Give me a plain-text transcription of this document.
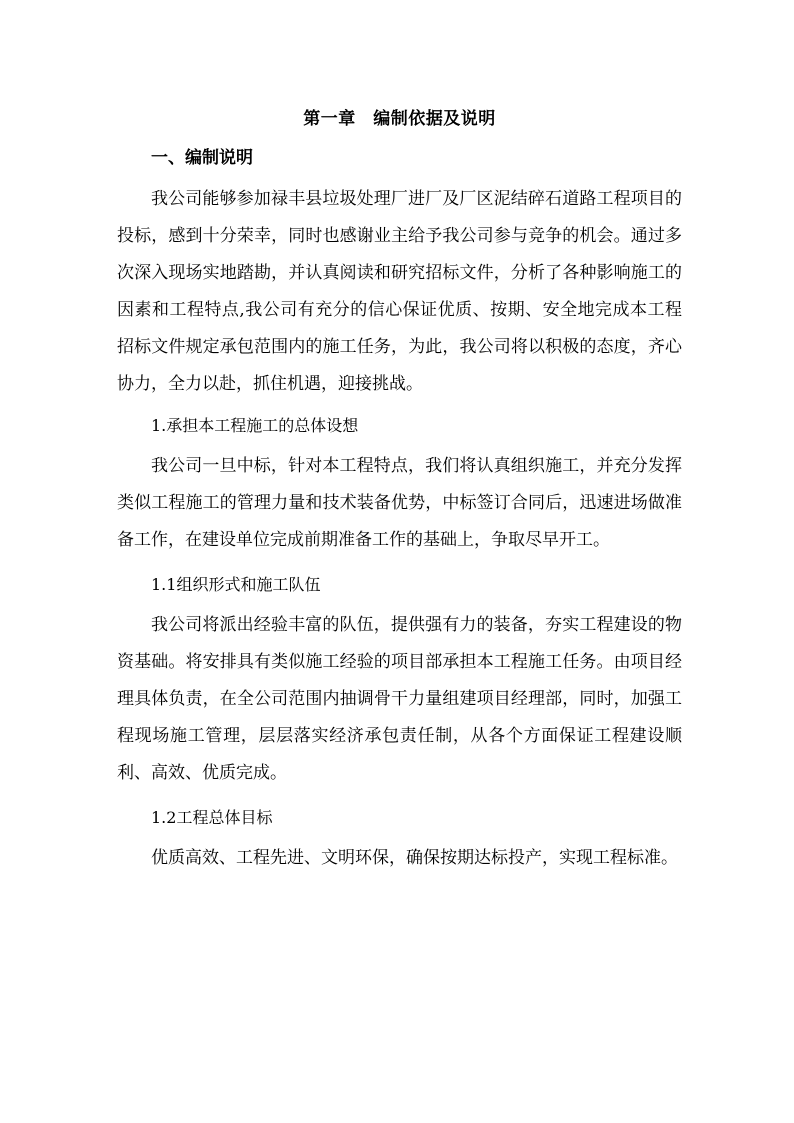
第一章　编制依据及说明
一、编制说明

我公司能够参加禄丰县垃圾处理厂进厂及厂区泥结碎石道路工程项目的投标，感到十分荣幸，同时也感谢业主给予我公司参与竞争的机会。通过多次深入现场实地踏勘，并认真阅读和研究招标文件，分析了各种影响施工的因素和工程特点,我公司有充分的信心保证优质、按期、安全地完成本工程招标文件规定承包范围内的施工任务，为此，我公司将以积极的态度，齐心协力，全力以赴，抓住机遇，迎接挑战。

1.承担本工程施工的总体设想

我公司一旦中标，针对本工程特点，我们将认真组织施工，并充分发挥类似工程施工的管理力量和技术装备优势，中标签订合同后，迅速进场做准备工作，在建设单位完成前期准备工作的基础上，争取尽早开工。

1.1组织形式和施工队伍

我公司将派出经验丰富的队伍，提供强有力的装备，夯实工程建设的物资基础。将安排具有类似施工经验的项目部承担本工程施工任务。由项目经理具体负责，在全公司范围内抽调骨干力量组建项目经理部，同时，加强工程现场施工管理，层层落实经济承包责任制，从各个方面保证工程建设顺利、高效、优质完成。

1.2工程总体目标

优质高效、工程先进、文明环保，确保按期达标投产，实现工程标准。
